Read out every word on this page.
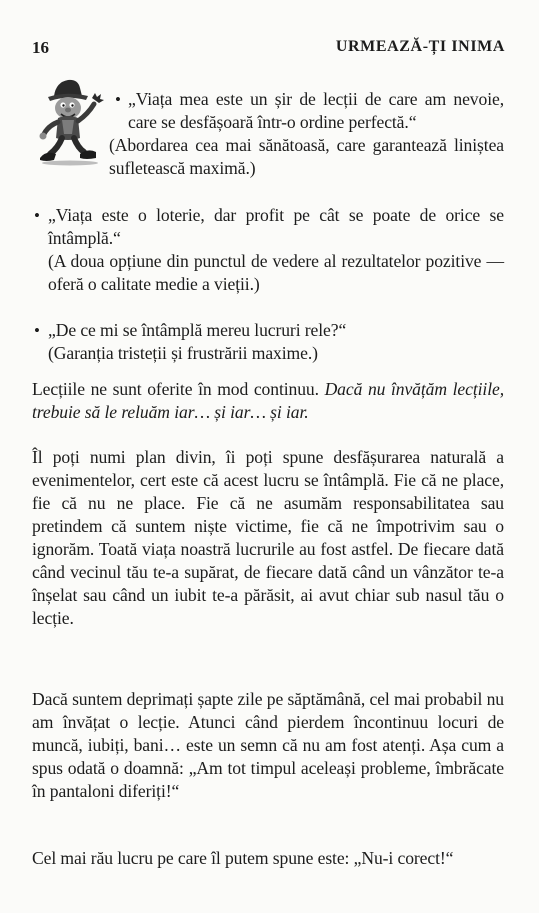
16	URMEAZĂ-ȚI INIMA
• „Viața mea este un șir de lecții de care am nevoie, care se desfășoară într-o ordine perfectă.“

(Abordarea cea mai sănătoasă, care garantează liniștea sufletească maximă.)
• „Viața este o loterie, dar profit pe cât se poate de orice se întâmplă.“
(A doua opțiune din punctul de vedere al rezultatelor pozitive — oferă o calitate medie a vieții.)
• „De ce mi se întâmplă mereu lucruri rele?“
(Garanția tristeții și frustrării maxime.)

Lecțiile ne sunt oferite în mod continuu. Dacă nu învățăm lecțiile, trebuie să le reluăm iar… și iar… și iar.

Îl poți numi plan divin, îi poți spune desfășurarea naturală a evenimentelor, cert este că acest lucru se întâmplă. Fie că ne place, fie că nu ne place. Fie că ne asumăm responsabilitatea sau pretindem că suntem niște victime, fie că ne împotrivim sau o ignorăm. Toată viața noastră lucrurile au fost astfel. De fiecare dată când vecinul tău te-a supărat, de fiecare dată când un vânzător te-a înșelat sau când un iubit te-a părăsit, ai avut chiar sub nasul tău o lecție.
Dacă suntem deprimați șapte zile pe săptămână, cel mai probabil nu am învățat o lecție. Atunci când pierdem încontinuu locuri de muncă, iubiți, bani… este un semn că nu am fost atenți. Așa cum a spus odată o doamnă: „Am tot timpul aceleași probleme, îmbrăcate în pantaloni diferiți!“
Cel mai rău lucru pe care îl putem spune este: „Nu-i corect!“
